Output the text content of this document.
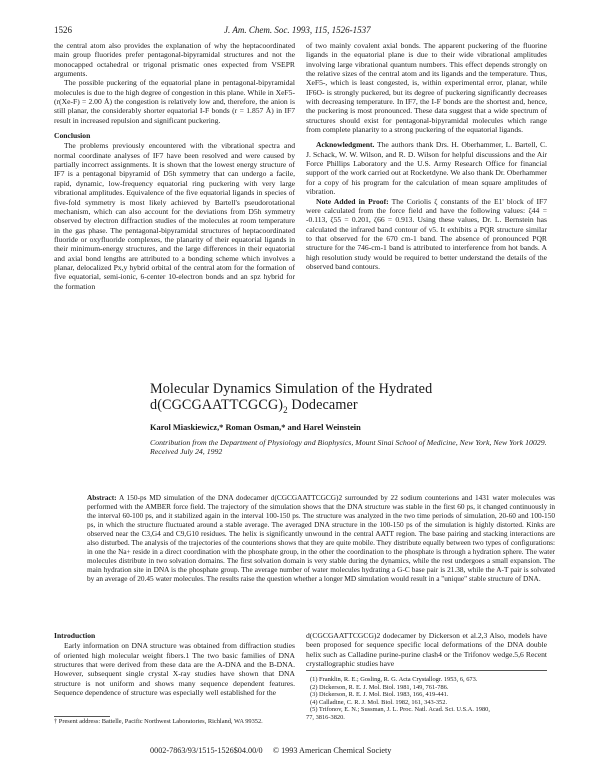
1526	J. Am. Chem. Soc. 1993, 115, 1526-1537

the central atom also provides the explanation of why the heptacoordinated main group fluorides prefer pentagonal-bipyramidal structures and not the monocapped octahedral or trigonal prismatic ones expected from VSEPR arguments.

The possible puckering of the equatorial plane in pentagonal-bipyramidal molecules is due to the high degree of congestion in this plane. While in XeF5- (r(Xe-F) = 2.00 Å) the congestion is relatively low and, therefore, the anion is still planar, the considerably shorter equatorial I-F bonds (r = 1.857 Å) in IF7 result in increased repulsion and significant puckering.

Conclusion

The problems previously encountered with the vibrational spectra and normal coordinate analyses of IF7 have been resolved and were caused by partially incorrect assignments. It is shown that the lowest energy structure of IF7 is a pentagonal bipyramid of D5h symmetry that can undergo a facile, rapid, dynamic, low-frequency equatorial ring puckering with very large vibrational amplitudes. Equivalence of the five equatorial ligands in species of five-fold symmetry is most likely achieved by Bartell's pseudorotational mechanism, which can also account for the deviations from D5h symmetry observed by electron diffraction studies of the molecules at room temperature in the gas phase. The pentagonal-bipyramidal structures of heptacoordinated fluoride or oxyfluoride complexes, the planarity of their equatorial ligands in their minimum-energy structures, and the large differences in their equatorial and axial bond lengths are attributed to a bonding scheme which involves a planar, delocalized Px,y hybrid orbital of the central atom for the formation of five equatorial, semi-ionic, 6-center 10-electron bonds and an spz hybrid for the formation

of two mainly covalent axial bonds. The apparent puckering of the fluorine ligands in the equatorial plane is due to their wide vibrational amplitudes involving large vibrational quantum numbers. This effect depends strongly on the relative sizes of the central atom and its ligands and the temperature. Thus, XeF5-, which is least congested, is, within experimental error, planar, while IF6O- is strongly puckered, but its degree of puckering significantly decreases with decreasing temperature. In IF7, the I-F bonds are the shortest and, hence, the puckering is most pronounced. These data suggest that a wide spectrum of structures should exist for pentagonal-bipyramidal molecules which range from complete planarity to a strong puckering of the equatorial ligands.

Acknowledgment. The authors thank Drs. H. Oberhammer, L. Bartell, C. J. Schack, W. W. Wilson, and R. D. Wilson for helpful discussions and the Air Force Phillips Laboratory and the U.S. Army Research Office for financial support of the work carried out at Rocketdyne. We also thank Dr. Oberhammer for a copy of his program for the calculation of mean square amplitudes of vibration.

Note Added in Proof: The Coriolis ζ constants of the E1' block of IF7 were calculated from the force field and have the following values: ζ44 = -0.113, ζ55 = 0.201, ζ66 = 0.913. Using these values, Dr. L. Bernstein has calculated the infrared band contour of ν5. It exhibits a PQR structure similar to that observed for the 670 cm-1 band. The absence of pronounced PQR structure for the 746-cm-1 band is attributed to interference from hot bands. A high resolution study would be required to better understand the details of the observed band contours.

Molecular Dynamics Simulation of the Hydrated
$d(CGCGAATTCGCG)_2$ Dodecamer
Karol Miaskiewicz,* Roman Osman,* and Harel Weinstein
Contribution from the Department of Physiology and Biophysics, Mount Sinai School of Medicine, New York, New York 10029. Received July 24, 1992
Abstract: A 150-ps MD simulation of the DNA dodecamer d(CGCGAATTCGCG)2 surrounded by 22 sodium counterions and 1431 water molecules was performed with the AMBER force field. The trajectory of the simulation shows that the DNA structure was stable in the first 60 ps, it changed continuously in the interval 60-100 ps, and it stabilized again in the interval 100-150 ps. The structure was analyzed in the two time periods of simulation, 20-60 and 100-150 ps, in which the structure fluctuated around a stable average. The averaged DNA structure in the 100-150 ps of the simulation is highly distorted. Kinks are observed near the C3,G4 and C9,G10 residues. The helix is significantly unwound in the central AATT region. The base pairing and stacking interactions are also disturbed. The analysis of the trajectories of the counterions shows that they are quite mobile. They distribute equally between two types of configurations: in one the Na+ reside in a direct coordination with the phosphate group, in the other the coordination to the phosphate is through a hydration sphere. The water molecules distribute in two solvation domains. The first solvation domain is very stable during the dynamics, while the rest undergoes a small expansion. The main hydration site in DNA is the phosphate group. The average number of water molecules hydrating a G-C base pair is 21.38, while the A-T pair is solvated by an average of 20.45 water molecules. The results raise the question whether a longer MD simulation would result in a "unique" stable structure of DNA.
Introduction

Early information on DNA structure was obtained from diffraction studies of oriented high molecular weight fibers.1 The two basic families of DNA structures that were derived from these data are the A-DNA and the B-DNA. However, subsequent single crystal X-ray studies have shown that DNA structure is not uniform and shows many sequence dependent features. Sequence dependence of structure was especially well established for the

d(CGCGAATTCGCG)2 dodecamer by Dickerson et al.2,3 Also, models have been proposed for sequence specific local deformations of the DNA double helix such as Calladine purine-purine clash4 or the Trifonov wedge.5,6 Recent crystallographic studies have

† Present address: Battelle, Pacific Northwest Laboratories, Richland, WA 99352.
(1) Franklin, R. E.; Gosling, R. G. Acta Crystallogr. 1953, 6, 673.
(2) Dickerson, R. E. J. Mol. Biol. 1981, 149, 761-786.
(3) Dickerson, R. E. J. Mol. Biol. 1983, 166, 419-441.
(4) Calladine, C. R. J. Mol. Biol. 1982, 161, 343-352.
(5) Trifonov, E. N.; Sussman, J. L. Proc. Natl. Acad. Sci. U.S.A. 1980,
77, 3816-3820.
0002-7863/93/1515-1526$04.00/0 © 1993 American Chemical Society
